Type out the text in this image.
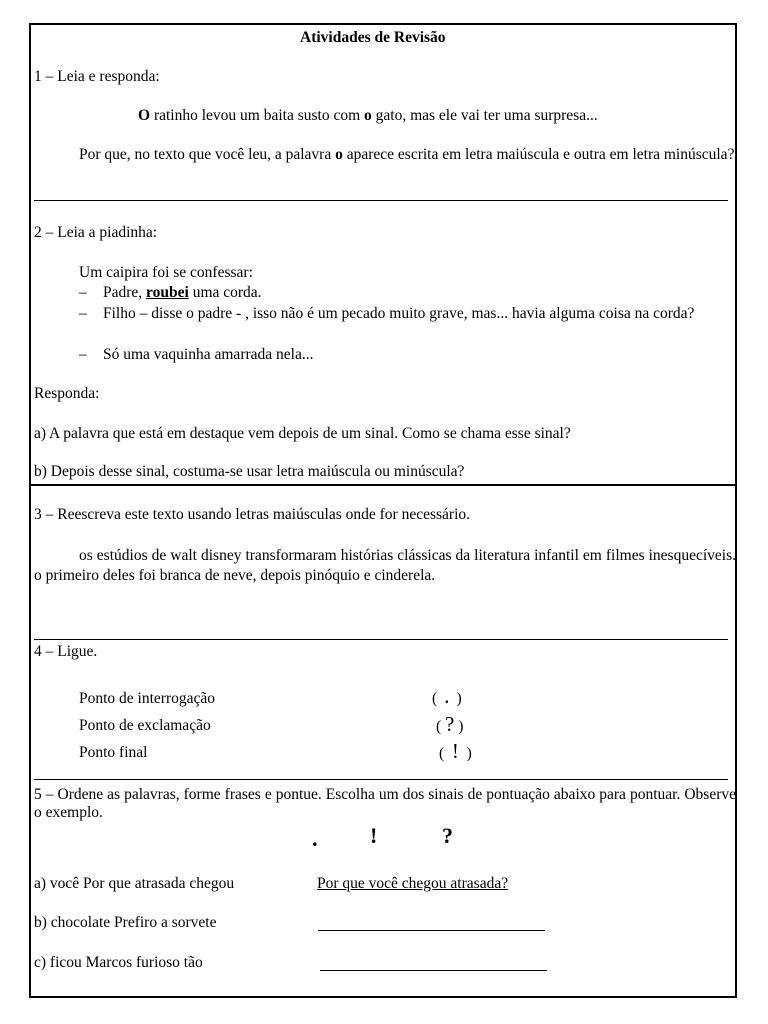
Atividades de Revisão
1 – Leia e responda:
O ratinho levou um baita susto com o gato, mas ele vai ter uma surpresa...
Por que, no texto que você leu, a palavra o aparece escrita em letra maiúscula e outra em letra minúscula?
2 – Leia a piadinha:
Um caipira foi se confessar:
– Padre, roubei uma corda.
– Filho – disse o padre - , isso não é um pecado muito grave, mas... havia alguma coisa na corda?
– Só uma vaquinha amarrada nela...
Responda:
a) A palavra que está em destaque vem depois de um sinal. Como se chama esse sinal?
b) Depois desse sinal, costuma-se usar letra maiúscula ou minúscula?
3 – Reescreva este texto usando letras maiúsculas onde for necessário.
os estúdios de walt disney transformaram histórias clássicas da literatura infantil em filmes inesquecíveis. o primeiro deles foi branca de neve, depois pinóquio e cinderela.
4 – Ligue.
Ponto de interrogação
Ponto de exclamação
Ponto final
( . )
( ? )
( ! )
5 – Ordene as palavras, forme frases e pontue. Escolha um dos sinais de pontuação abaixo para pontuar. Observe o exemplo.
. !	?
a) você Por que atrasada chegou	Por que você chegou atrasada?
b) chocolate Prefiro a sorvete
c) ficou Marcos furioso tão
